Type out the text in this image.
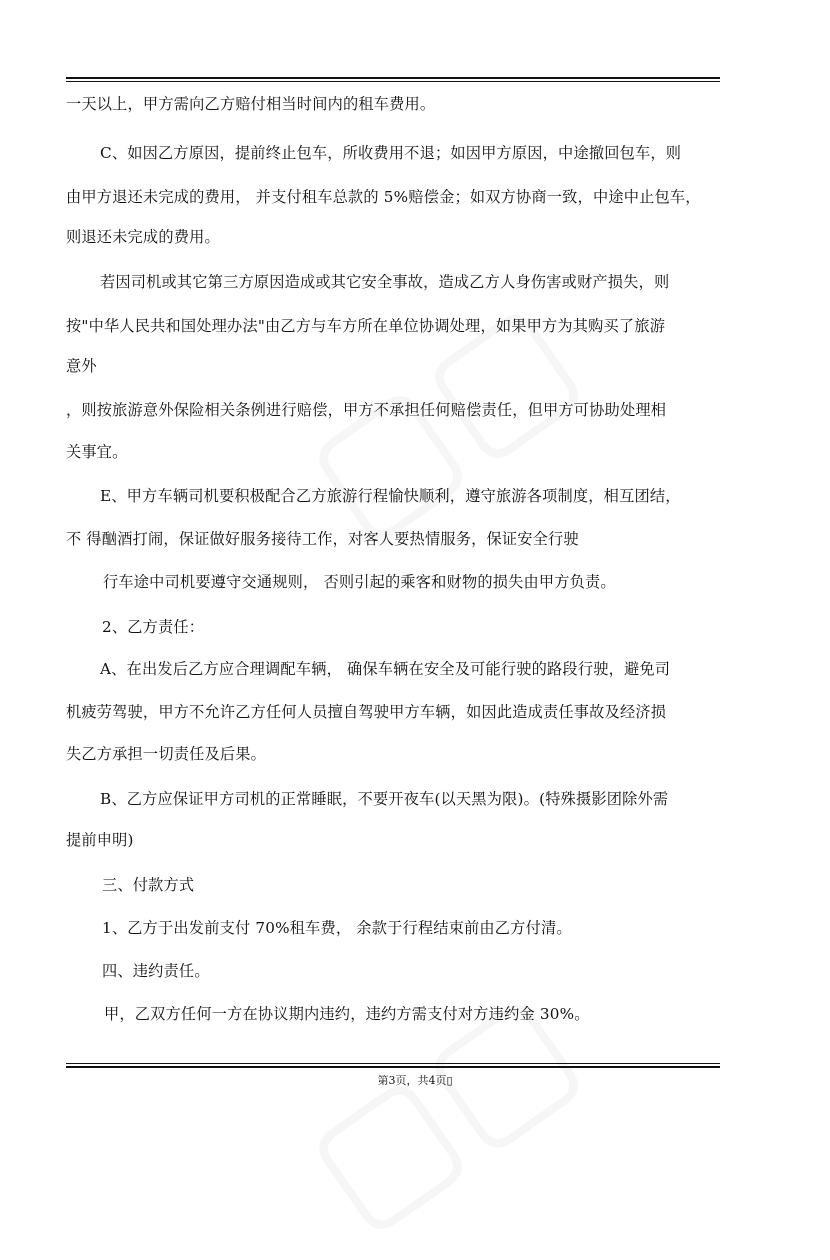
一天以上，甲方需向乙方赔付相当时间内的租车费用。
C、如因乙方原因，提前终止包车，所收费用不退；如因甲方原因，中途撤回包车，则
由甲方退还未完成的费用， 并支付租车总款的 5%赔偿金；如双方协商一致，中途中止包车，
则退还未完成的费用。
若因司机或其它第三方原因造成或其它安全事故，造成乙方人身伤害或财产损失，则
按"中华人民共和国处理办法"由乙方与车方所在单位协调处理，如果甲方为其购买了旅游
意外
，则按旅游意外保险相关条例进行赔偿，甲方不承担任何赔偿责任，但甲方可协助处理相
关事宜。
E、甲方车辆司机要积极配合乙方旅游行程愉快顺利，遵守旅游各项制度，相互团结，
不 得酗酒打闹，保证做好服务接待工作，对客人要热情服务，保证安全行驶
行车途中司机要遵守交通规则， 否则引起的乘客和财物的损失由甲方负责。
2、乙方责任：
A、在出发后乙方应合理调配车辆， 确保车辆在安全及可能行驶的路段行驶，避免司
机疲劳驾驶，甲方不允许乙方任何人员擅自驾驶甲方车辆，如因此造成责任事故及经济损
失乙方承担一切责任及后果。
B、乙方应保证甲方司机的正常睡眠，不要开夜车(以天黑为限)。(特殊摄影团除外需
提前申明)
三、付款方式
1、乙方于出发前支付 70%租车费， 余款于行程结束前由乙方付清。
四、违约责任。
甲，乙双方任何一方在协议期内违约，违约方需支付对方违约金 30%。
第3页，共4页▯
